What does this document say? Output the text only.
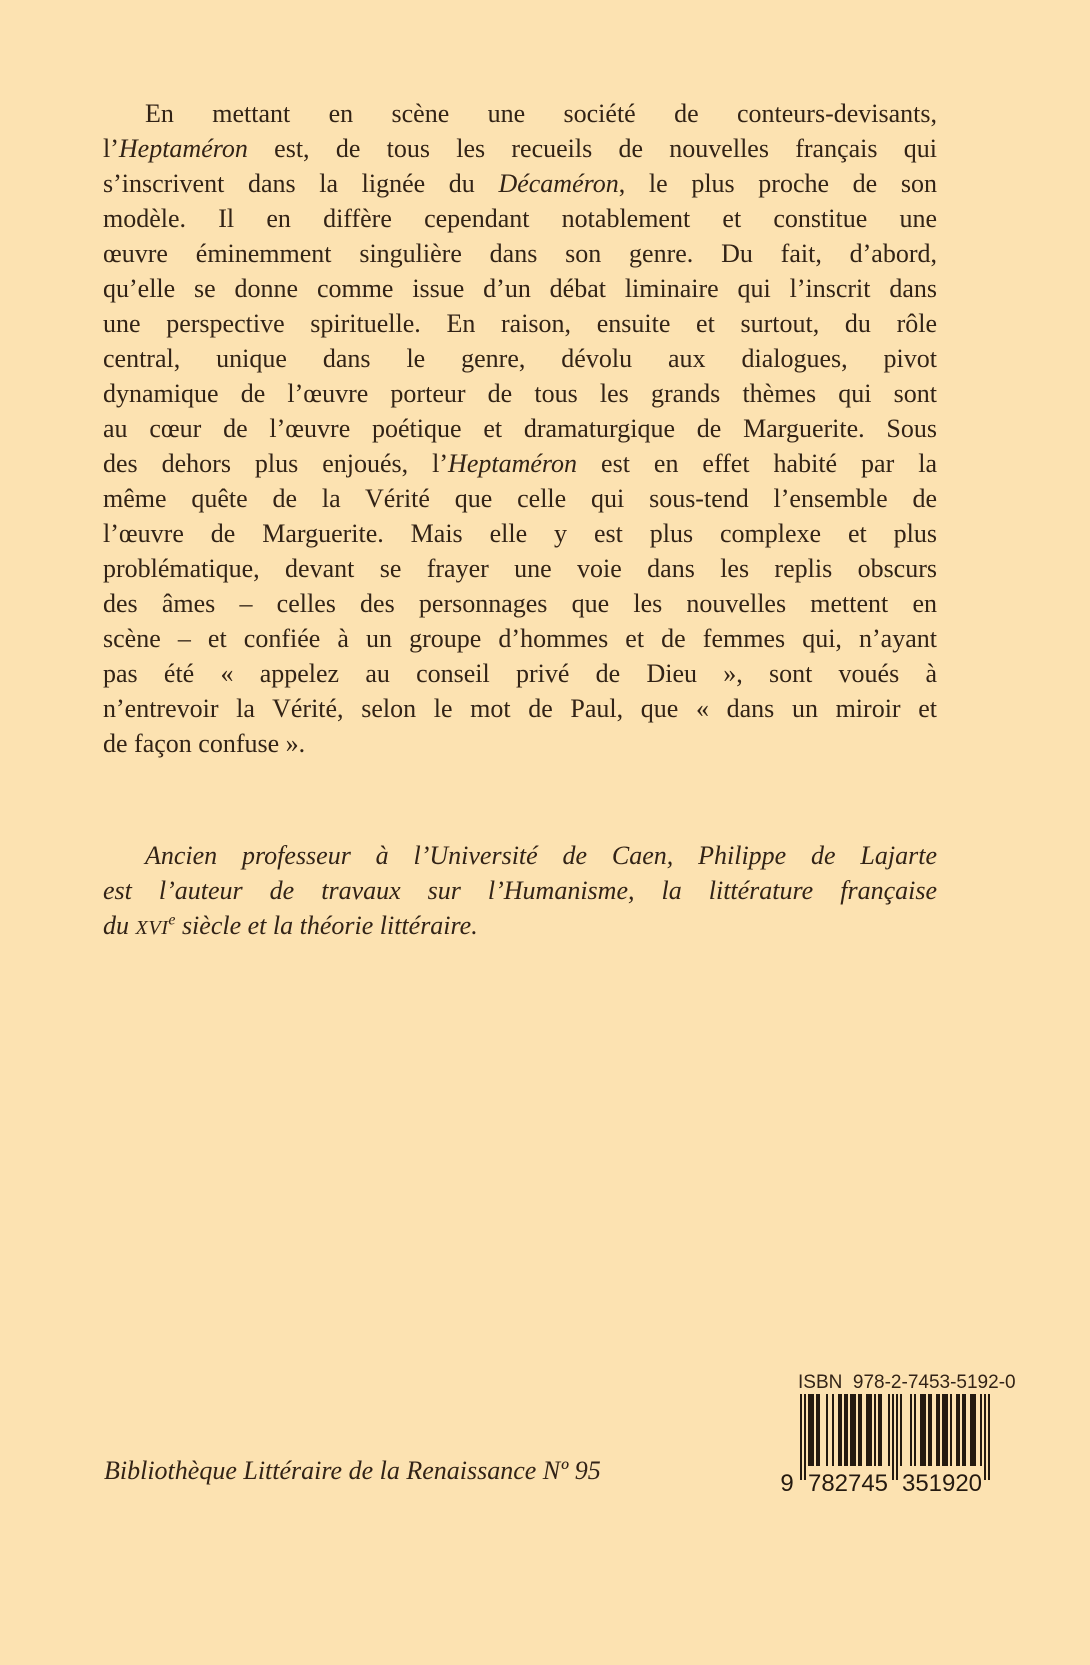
En mettant en scène une société de conteurs-devisants,
l’Heptaméron est, de tous les recueils de nouvelles français qui
s’inscrivent dans la lignée du Décaméron, le plus proche de son
modèle. Il en diffère cependant notablement et constitue une
œuvre éminemment singulière dans son genre. Du fait, d’abord,
qu’elle se donne comme issue d’un débat liminaire qui l’inscrit dans
une perspective spirituelle. En raison, ensuite et surtout, du rôle
central, unique dans le genre, dévolu aux dialogues, pivot
dynamique de l’œuvre porteur de tous les grands thèmes qui sont
au cœur de l’œuvre poétique et dramaturgique de Marguerite. Sous
des dehors plus enjoués, l’Heptaméron est en effet habité par la
même quête de la Vérité que celle qui sous-tend l’ensemble de
l’œuvre de Marguerite. Mais elle y est plus complexe et plus
problématique, devant se frayer une voie dans les replis obscurs
des âmes – celles des personnages que les nouvelles mettent en
scène – et confiée à un groupe d’hommes et de femmes qui, n’ayant
pas été « appelez au conseil privé de Dieu », sont voués à
n’entrevoir la Vérité, selon le mot de Paul, que « dans un miroir et
de façon confuse ».
Ancien professeur à l’Université de Caen, Philippe de Lajarte
est l’auteur de travaux sur l’Humanisme, la littérature française
du XVIe siècle et la théorie littéraire.
ISBN  978-2-7453-5192-0
9 782745 351920
Bibliothèque Littéraire de la Renaissance Nº 95
